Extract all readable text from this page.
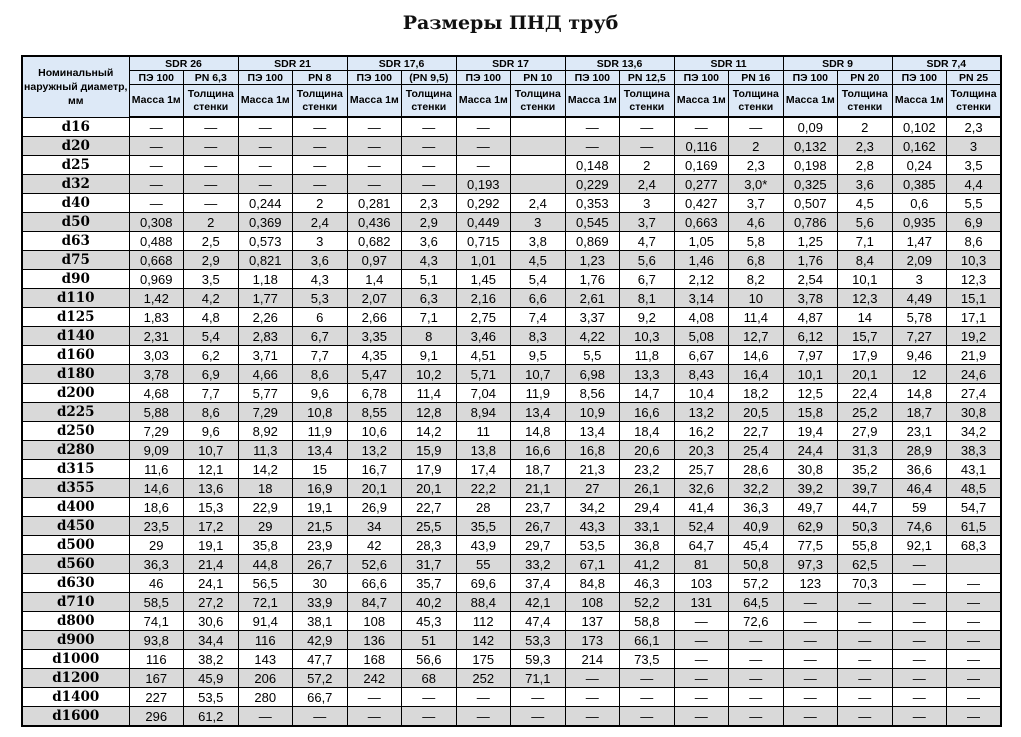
Размеры ПНД труб
Номинальный наружный диаметр, мм	SDR 26		SDR 21		SDR 17,6		SDR 17		SDR 13,6		SDR 11		SDR 9		SDR 7,4	
	ПЭ 100	PN 6,3	ПЭ 100	PN 8	ПЭ 100	(PN 9,5)	ПЭ 100	PN 10	ПЭ 100	PN 12,5	ПЭ 100	PN 16	ПЭ 100	PN 20	ПЭ 100	PN 25
	Масса 1м	Толщина стенки	Масса 1м	Толщина стенки	Масса 1м	Толщина стенки	Масса 1м	Толщина стенки	Масса 1м	Толщина стенки	Масса 1м	Толщина стенки	Масса 1м	Толщина стенки	Масса 1м	Толщина стенки
d16	—	—	—	—	—	—	—		—	—	—	—	0,09	2	0,102	2,3
d20	—	—	—	—	—	—	—		—	—	0,116	2	0,132	2,3	0,162	3
d25	—	—	—	—	—	—	—		0,148	2	0,169	2,3	0,198	2,8	0,24	3,5
d32	—	—	—	—	—	—	0,193		0,229	2,4	0,277	3,0*	0,325	3,6	0,385	4,4
d40	—	—	0,244	2	0,281	2,3	0,292	2,4	0,353	3	0,427	3,7	0,507	4,5	0,6	5,5
d50	0,308	2	0,369	2,4	0,436	2,9	0,449	3	0,545	3,7	0,663	4,6	0,786	5,6	0,935	6,9
d63	0,488	2,5	0,573	3	0,682	3,6	0,715	3,8	0,869	4,7	1,05	5,8	1,25	7,1	1,47	8,6
d75	0,668	2,9	0,821	3,6	0,97	4,3	1,01	4,5	1,23	5,6	1,46	6,8	1,76	8,4	2,09	10,3
d90	0,969	3,5	1,18	4,3	1,4	5,1	1,45	5,4	1,76	6,7	2,12	8,2	2,54	10,1	3	12,3
d110	1,42	4,2	1,77	5,3	2,07	6,3	2,16	6,6	2,61	8,1	3,14	10	3,78	12,3	4,49	15,1
d125	1,83	4,8	2,26	6	2,66	7,1	2,75	7,4	3,37	9,2	4,08	11,4	4,87	14	5,78	17,1
d140	2,31	5,4	2,83	6,7	3,35	8	3,46	8,3	4,22	10,3	5,08	12,7	6,12	15,7	7,27	19,2
d160	3,03	6,2	3,71	7,7	4,35	9,1	4,51	9,5	5,5	11,8	6,67	14,6	7,97	17,9	9,46	21,9
d180	3,78	6,9	4,66	8,6	5,47	10,2	5,71	10,7	6,98	13,3	8,43	16,4	10,1	20,1	12	24,6
d200	4,68	7,7	5,77	9,6	6,78	11,4	7,04	11,9	8,56	14,7	10,4	18,2	12,5	22,4	14,8	27,4
d225	5,88	8,6	7,29	10,8	8,55	12,8	8,94	13,4	10,9	16,6	13,2	20,5	15,8	25,2	18,7	30,8
d250	7,29	9,6	8,92	11,9	10,6	14,2	11	14,8	13,4	18,4	16,2	22,7	19,4	27,9	23,1	34,2
d280	9,09	10,7	11,3	13,4	13,2	15,9	13,8	16,6	16,8	20,6	20,3	25,4	24,4	31,3	28,9	38,3
d315	11,6	12,1	14,2	15	16,7	17,9	17,4	18,7	21,3	23,2	25,7	28,6	30,8	35,2	36,6	43,1
d355	14,6	13,6	18	16,9	20,1	20,1	22,2	21,1	27	26,1	32,6	32,2	39,2	39,7	46,4	48,5
d400	18,6	15,3	22,9	19,1	26,9	22,7	28	23,7	34,2	29,4	41,4	36,3	49,7	44,7	59	54,7
d450	23,5	17,2	29	21,5	34	25,5	35,5	26,7	43,3	33,1	52,4	40,9	62,9	50,3	74,6	61,5
d500	29	19,1	35,8	23,9	42	28,3	43,9	29,7	53,5	36,8	64,7	45,4	77,5	55,8	92,1	68,3
d560	36,3	21,4	44,8	26,7	52,6	31,7	55	33,2	67,1	41,2	81	50,8	97,3	62,5	—	
d630	46	24,1	56,5	30	66,6	35,7	69,6	37,4	84,8	46,3	103	57,2	123	70,3	—	—
d710	58,5	27,2	72,1	33,9	84,7	40,2	88,4	42,1	108	52,2	131	64,5	—	—	—	—
d800	74,1	30,6	91,4	38,1	108	45,3	112	47,4	137	58,8	—	72,6	—	—	—	—
d900	93,8	34,4	116	42,9	136	51	142	53,3	173	66,1	—	—	—	—	—	—
d1000	116	38,2	143	47,7	168	56,6	175	59,3	214	73,5	—	—	—	—	—	—
d1200	167	45,9	206	57,2	242	68	252	71,1	—	—	—	—	—	—	—	—
d1400	227	53,5	280	66,7	—	—	—	—	—	—	—	—	—	—	—	—
d1600	296	61,2	—	—	—	—	—	—	—	—	—	—	—	—	—	—
